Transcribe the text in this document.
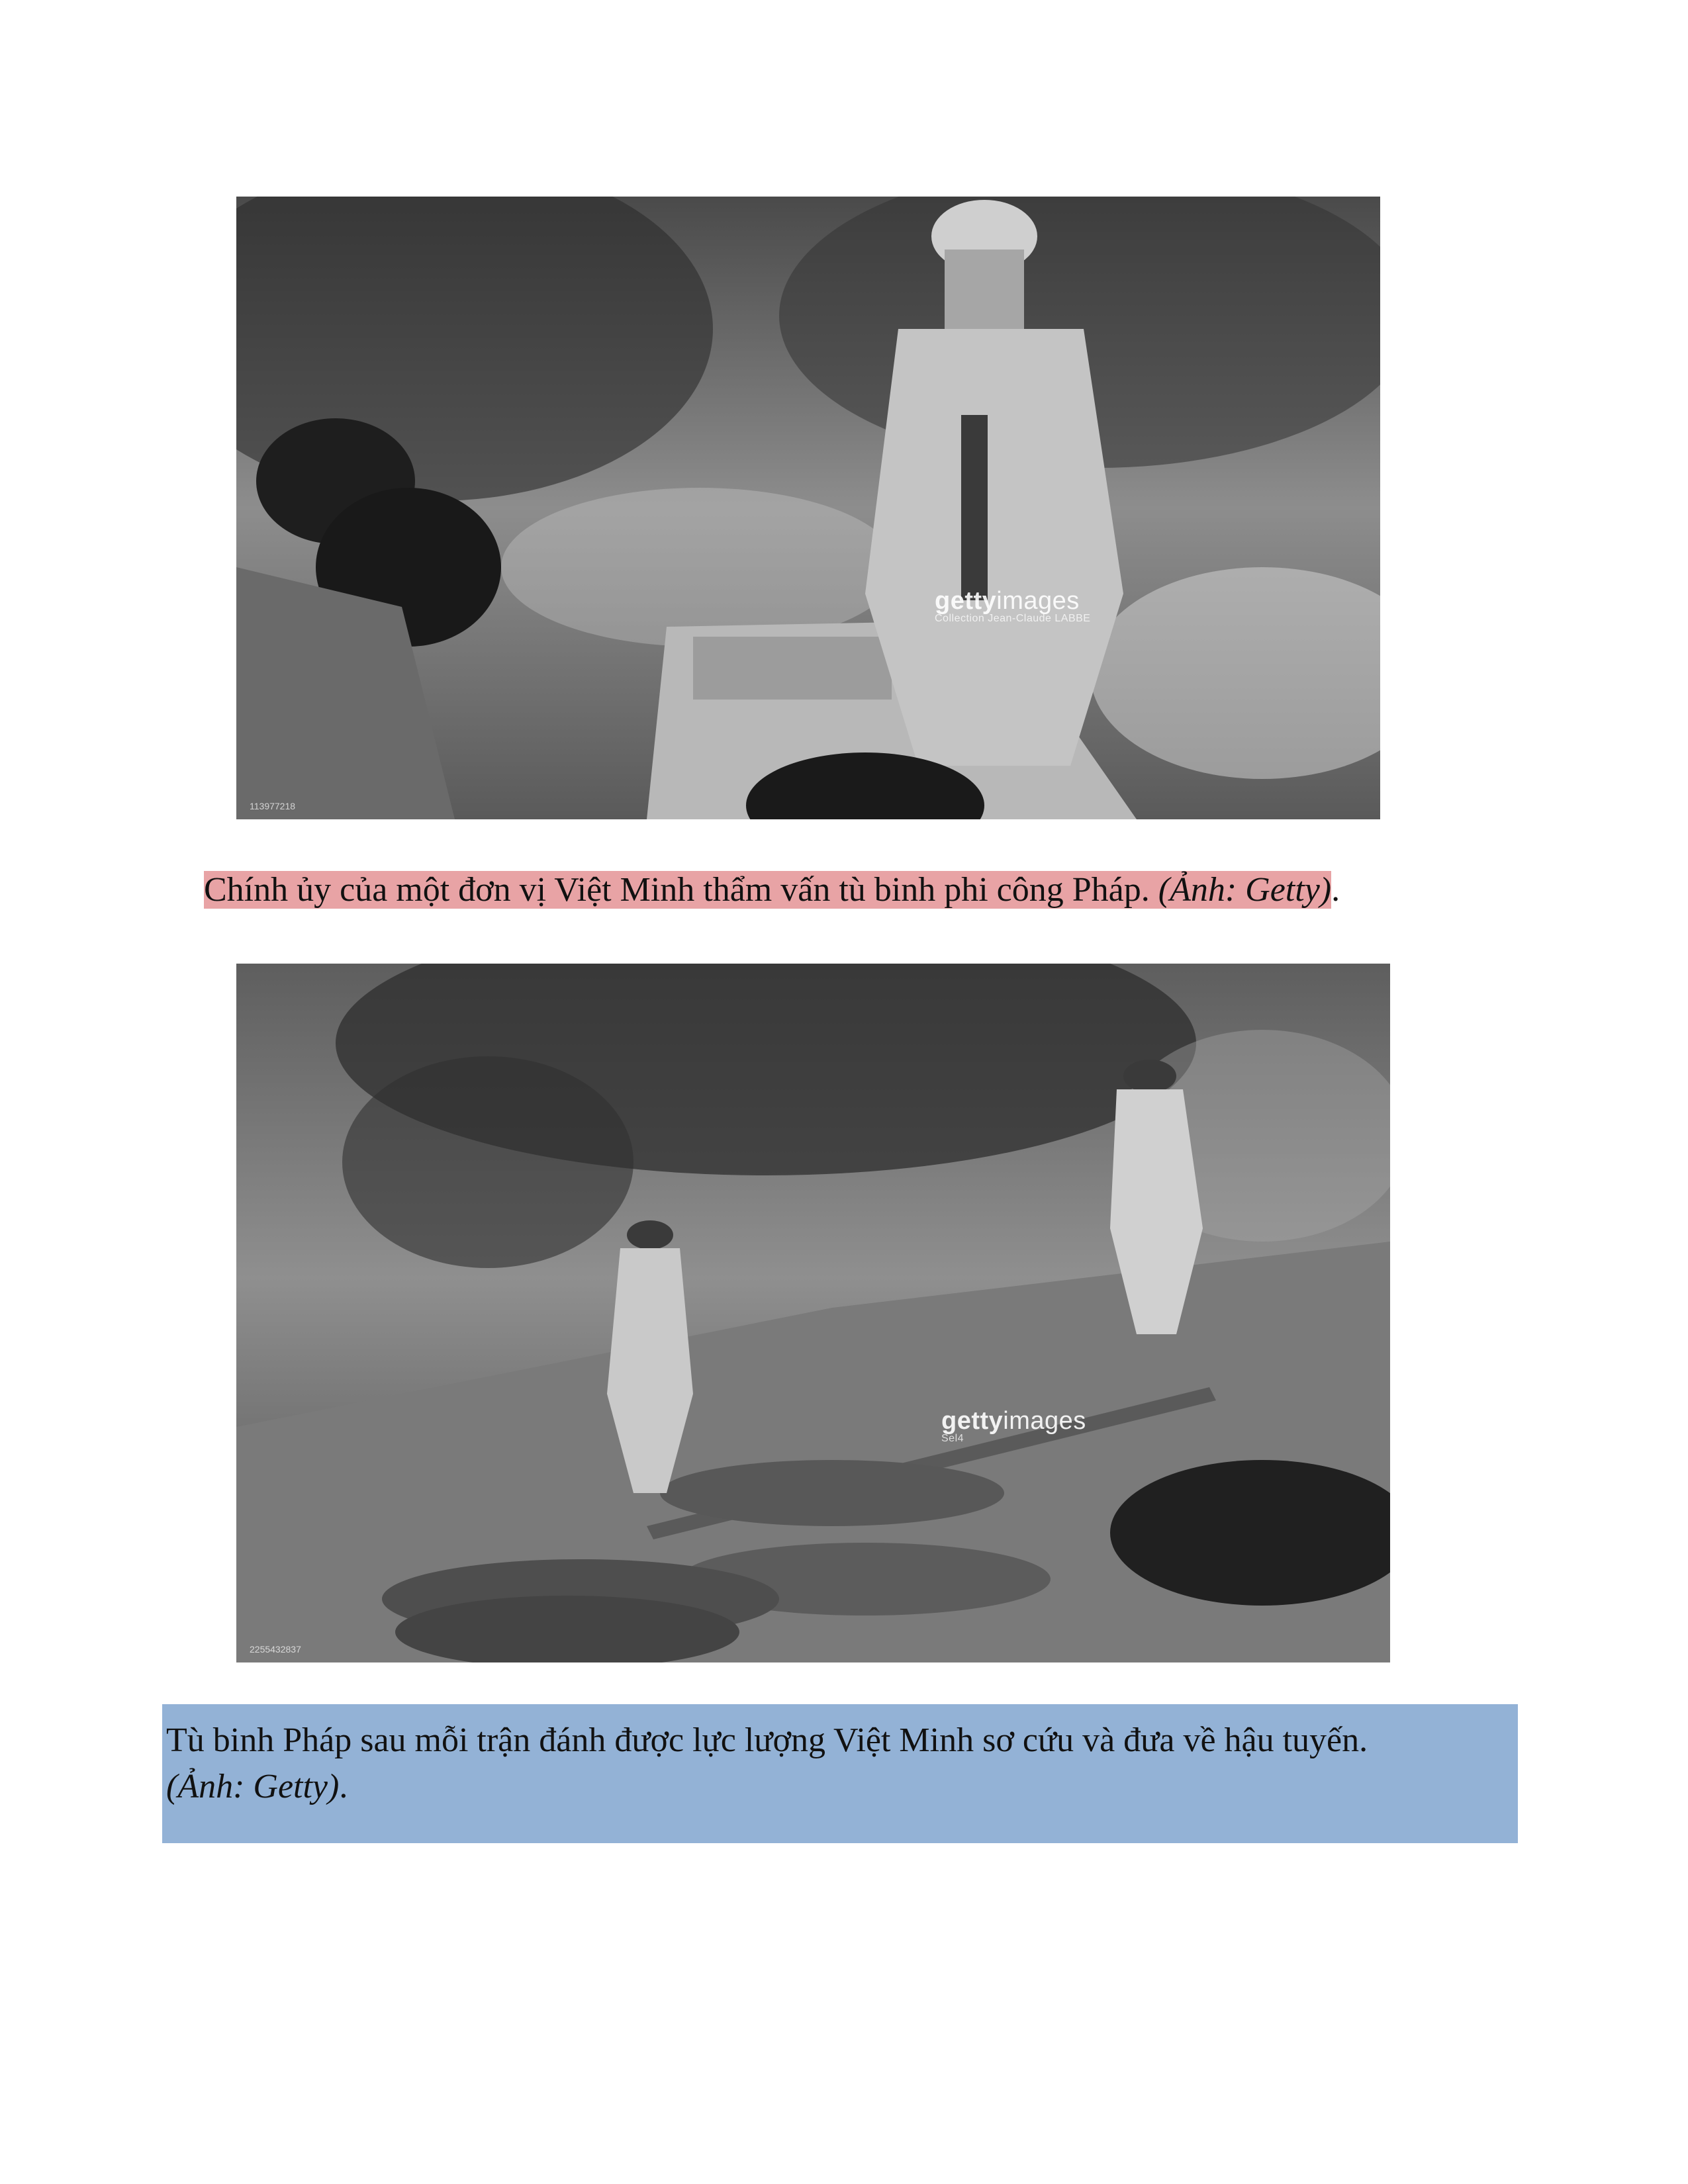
gettyimages
Collection Jean-Claude LABBE
113977218
Chính ủy của một đơn vị Việt Minh thẩm vấn tù binh phi công Pháp. (Ảnh: Getty).
gettyimages
Sel4
2255432837
Tù binh Pháp sau mỗi trận đánh được lực lượng Việt Minh sơ cứu và đưa về hậu tuyến.
(Ảnh: Getty).
